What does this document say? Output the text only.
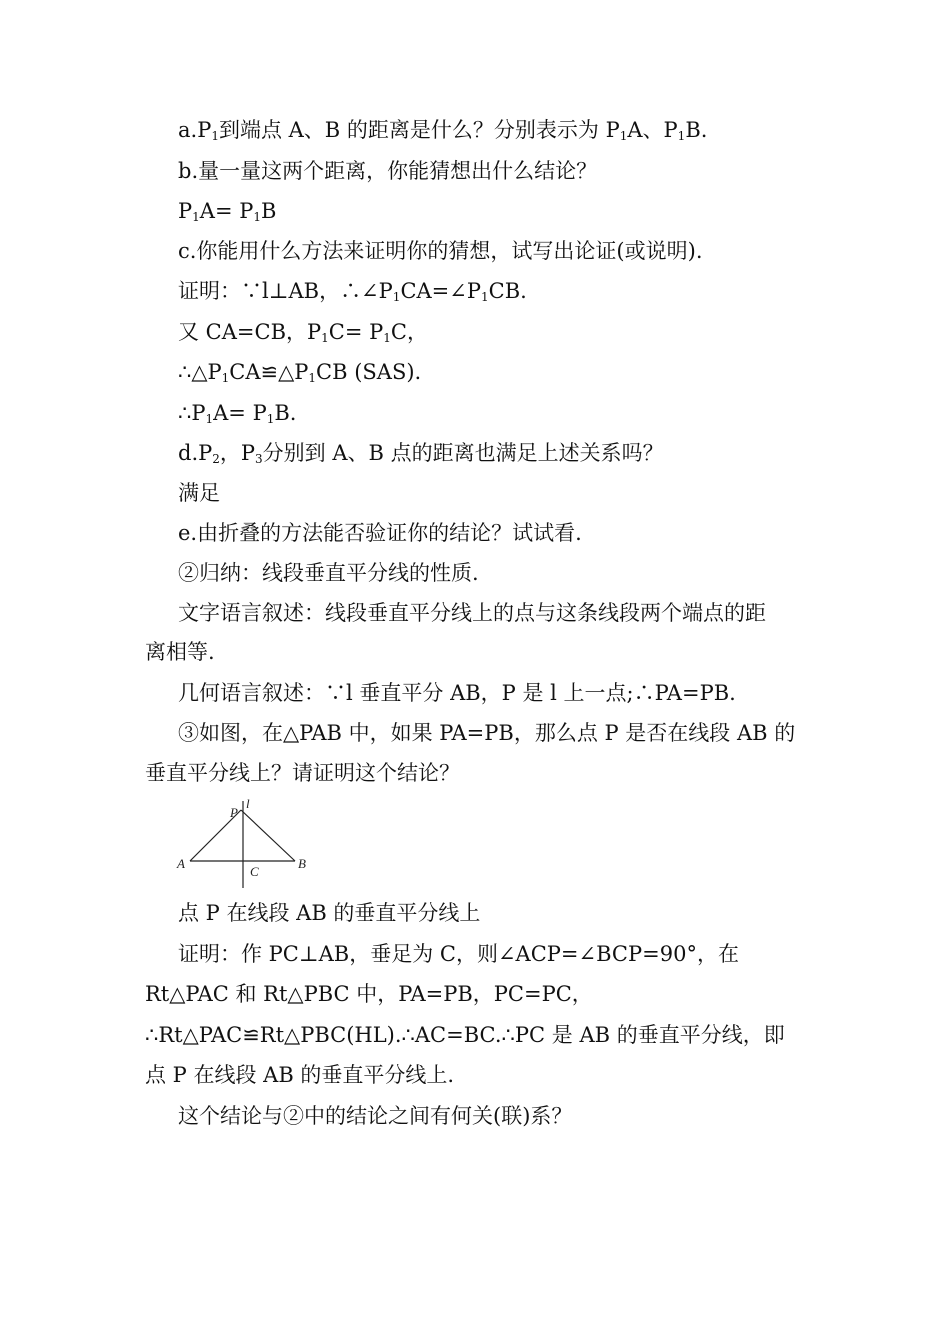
$a.P_1$到端点 A、B 的距离是什么？分别表示为 $P_1A$、$P_1B$.
b.量一量这两个距离，你能猜想出什么结论？
$P_1A= P_1B$
c.你能用什么方法来证明你的猜想，试写出论证(或说明).
证明：∵l⊥AB，$\therefore\angle P_1CA=\angle P_1CB$.
又 CA=CB，$P_1C= P_1C$，
$\therefore\triangle P_1CA≌\triangle P_1CB$ (SAS).
$\therefore P_1A= P_1B$.
$d.P_2$，$P_3$分别到 A、B 点的距离也满足上述关系吗？
满足
e.由折叠的方法能否验证你的结论？试试看.
②归纳：线段垂直平分线的性质.
文字语言叙述：线段垂直平分线上的点与这条线段两个端点的距
离相等.
几何语言叙述：∵l 垂直平分 AB，P 是 l 上一点;∴PA=PB.
③如图，在△PAB 中，如果 PA=PB，那么点 P 是否在线段 AB 的
垂直平分线上？请证明这个结论？
P
l
A	B
C
点 P 在线段 AB 的垂直平分线上
证明：作 PC⊥AB，垂足为 C，则∠ACP=∠BCP=90°，在
Rt△PAC 和 Rt△PBC 中，PA=PB，PC=PC，
∴Rt△PAC≌Rt△PBC(HL).∴AC=BC.∴PC 是 AB 的垂直平分线，即
点 P 在线段 AB 的垂直平分线上.
这个结论与②中的结论之间有何关(联)系？
